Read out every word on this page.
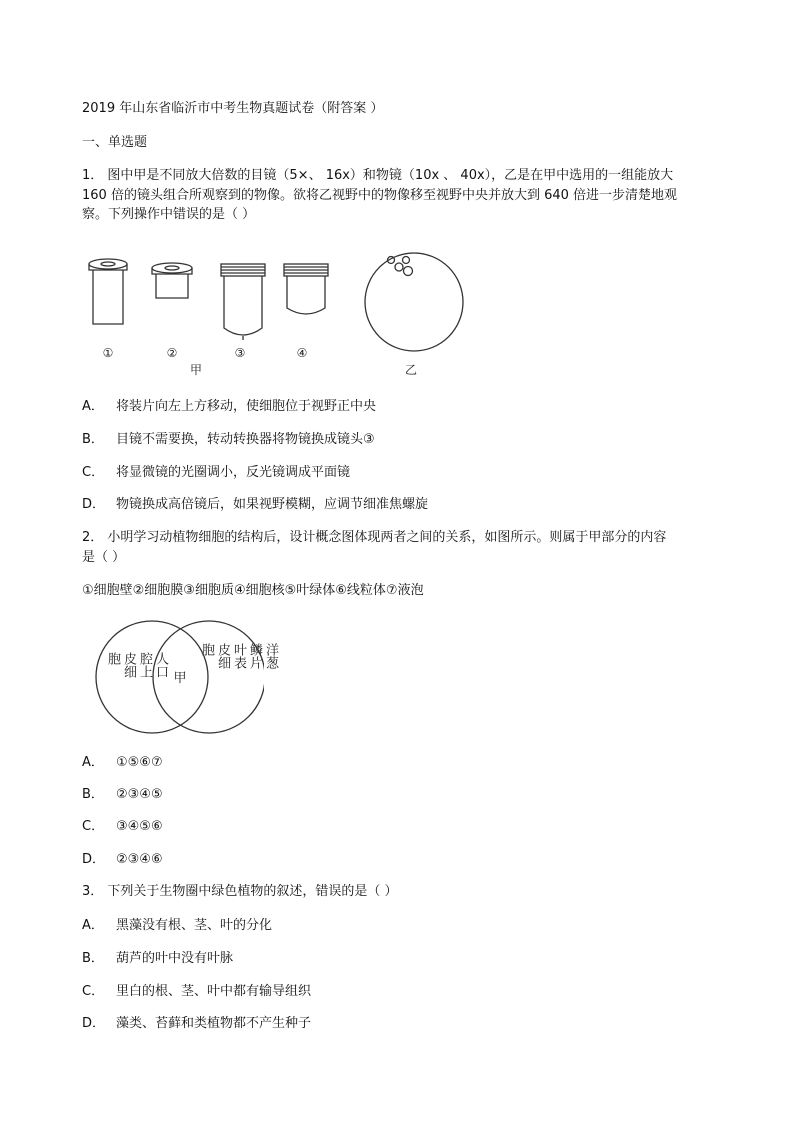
2019 年山东省临沂市中考生物真题试卷（附答案 ）
一、单选题
1． 图中甲是不同放大倍数的目镜（5×、 16x）和物镜（10x 、 40x），乙是在甲中选用的一组能放大
160 倍的镜头组合所观察到的物像。欲将乙视野中的物像移至视野中央并放大到 640 倍进一步清楚地观
察。下列操作中错误的是（ ）
①	②	③	④
甲	乙
A． 将装片向左上方移动，使细胞位于视野正中央
B． 目镜不需要换，转动转换器将物镜换成镜头③
C． 将显微镜的光圈调小，反光镜调成平面镜
D． 物镜换成高倍镜后，如果视野模糊，应调节细准焦螺旋
2． 小明学习动植物细胞的结构后，设计概念图体现两者之间的关系，如图所示。则属于甲部分的内容
是（ ）
①细胞壁②细胞膜③细胞质④细胞核⑤叶绿体⑥线粒体⑦液泡
甲
人口
腔上
皮细
胞	洋葱
鳞片
叶表
皮细
胞
A． ①⑤⑥⑦
B． ②③④⑤
C． ③④⑤⑥
D． ②③④⑥
3． 下列关于生物圈中绿色植物的叙述，错误的是（ ）
A． 黑藻没有根、茎、叶的分化
B． 葫芦的叶中没有叶脉
C． 里白的根、茎、叶中都有输导组织
D． 藻类、苔藓和类植物都不产生种子
